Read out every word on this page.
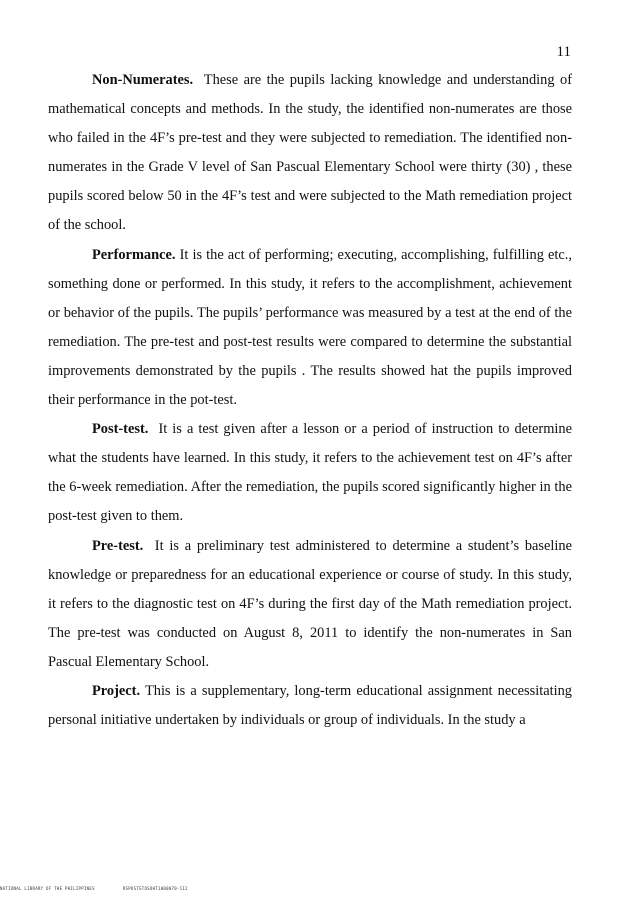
11

Non-Numerates. These are the pupils lacking knowledge and understanding of mathematical concepts and methods. In the study, the identified non-numerates are those who failed in the 4F’s pre-test and they were subjected to remediation. The identified non-numerates in the Grade V level of San Pascual Elementary School were thirty (30) , these pupils scored below 50 in the 4F’s test and were subjected to the Math remediation project of the school.

Performance. It is the act of performing; executing, accomplishing, fulfilling etc., something done or performed. In this study, it refers to the accomplishment, achievement or behavior of the pupils. The pupils’ performance was measured by a test at the end of the remediation. The pre-test and post-test results were compared to determine the substantial improvements demonstrated by the pupils . The results showed hat the pupils improved their performance in the pot-test.

Post-test. It is a test given after a lesson or a period of instruction to determine what the students have learned. In this study, it refers to the achievement test on 4F’s after the 6-week remediation. After the remediation, the pupils scored significantly higher in the post-test given to them.

Pre-test. It is a preliminary test administered to determine a student’s baseline knowledge or preparedness for an educational experience or course of study. In this study, it refers to the diagnostic test on 4F’s during the first day of the Math remediation project. The pre-test was conducted on August 8, 2011 to identify the non-numerates in San Pascual Elementary School.

Project. This is a supplementary, long-term educational assignment necessitating personal initiative undertaken by individuals or group of individuals. In the study a

NATIONAL LIBRARY OF THE PHILIPPINES	RSPOSTGTOSOHT1000070-112
